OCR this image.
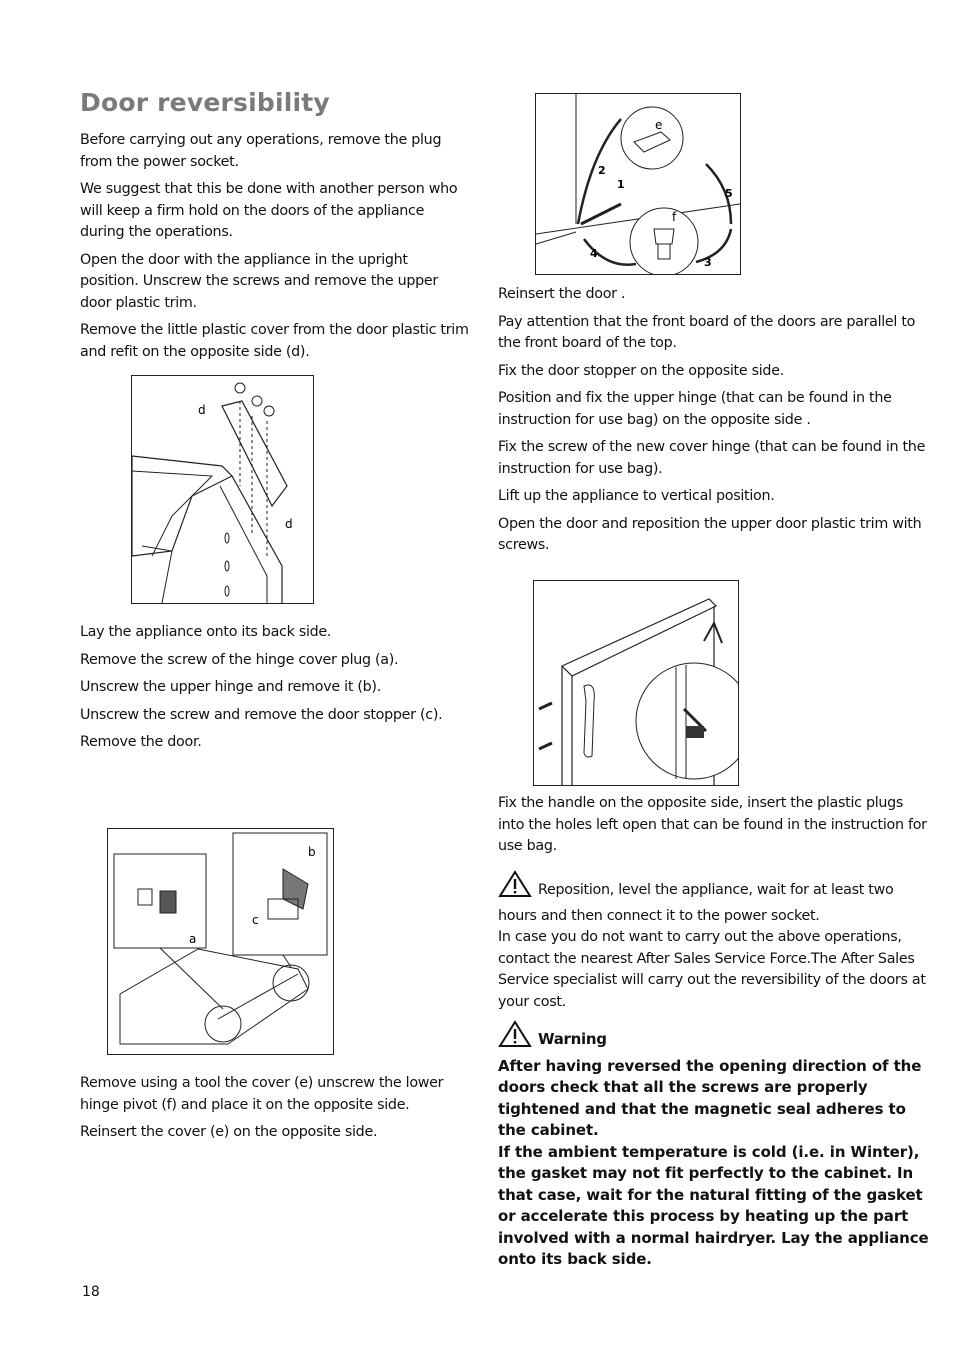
Door reversibility

Before carrying out any operations, remove the plug from the power socket.

We suggest that this be done with another person who will keep a firm hold on the doors of the appliance during the operations.

Open the door with the appliance in the upright position. Unscrew the screws and remove the upper door plastic trim.

Remove the little plastic cover from the door plastic trim and refit on the opposite side (d).

d
d

Lay the appliance onto its back side.

Remove the screw of the hinge cover plug (a).

Unscrew the upper hinge and remove it (b).

Unscrew the screw and remove the door stopper (c).

Remove the door.

b
c
a

Remove using a tool the cover (e) unscrew the lower hinge pivot (f) and place it on the opposite side.

Reinsert the cover (e) on the opposite side.

e
2
1
5
f
4
3

Reinsert the door .

Pay attention that the front board of the doors are parallel to the front board of the top.

Fix the door stopper on the opposite side.

Position and fix the upper hinge (that can be found in the instruction for use bag) on the opposite side .

Fix the screw of the new cover hinge (that can be found in the instruction for use bag).

Lift up the appliance to vertical position.

Open the door and reposition the upper door plastic trim with screws.

Fix the handle on the opposite side, insert the plastic plugs into the holes left open that can be found in the instruction for use bag.

Reposition, level the appliance, wait for at least two hours and then connect it to the power socket.

In case you do not want to carry out the above operations, contact the nearest After Sales Service Force.The After Sales Service specialist will carry out the reversibility of the doors at your cost.

Warning

After having reversed the opening direction of the doors check that all the screws are properly tightened and that the magnetic seal adheres to the cabinet.

If the ambient temperature is cold (i.e. in Winter), the gasket may not fit perfectly to the cabinet. In that case, wait for the natural fitting of the gasket or accelerate this process by heating up the part involved with a normal hairdryer. Lay the appliance onto its back side.

18
